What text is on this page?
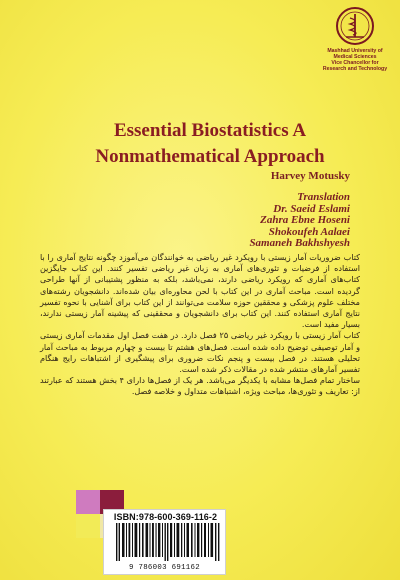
Mashhad University of
Medical Sciences
Vice Chancellor for
Research and Technology
Essential Biostatistics A Nonmathematical Approach

Harvey Motusky

Translation
Dr. Saeid Eslami
Zahra Ebne Hoseni
Shokoufeh Aalaei
Samaneh Bakhshyesh

کتاب ضروریات آمار زیستی با رویکرد غیر ریاضی به خوانندگان می‌آموزد چگونه نتایج آماری را با استفاده از فرضیات و تئوری‌های آماری به زبان غیر ریاضی تفسیر کنند. این کتاب جایگزین کتاب‌های آماری که رویکرد ریاضی دارند، نمی‌باشد، بلکه به منظور پشتیبانی از آنها طراحی گردیده است. مباحث آماری در این کتاب با لحن محاوره‌ای بیان شده‌اند. دانشجویان رشته‌های مختلف علوم پزشکی و محققین حوزه سلامت می‌توانند از این کتاب برای آشنایی با نحوه تفسیر نتایج آماری استفاده کنند. این کتاب برای دانشجویان و محققینی که پیشینه آمار زیستی ندارند، بسیار مفید است.

کتاب آمار زیستی با رویکرد غیر ریاضی ۲۵ فصل دارد. در هفت فصل اول مقدمات آماری زیستی و آمار توصیفی توضیح داده شده است. فصل‌های هشتم تا بیست و چهارم مربوط به مباحث آمار تحلیلی هستند. در فصل بیست و پنجم نکات ضروری برای پیشگیری از اشتباهات رایج هنگام تفسیر آمارهای منتشر شده در مقالات ذکر شده است.

ساختار تمام فصل‌ها مشابه با یکدیگر می‌باشد. هر یک از فصل‌ها دارای ۴ بخش هستند که عبارتند از: تعاریف و تئوری‌ها، مباحث ویژه، اشتباهات متداول و خلاصه فصل.

ISBN:978-600-369-116-2
9 786003 691162
